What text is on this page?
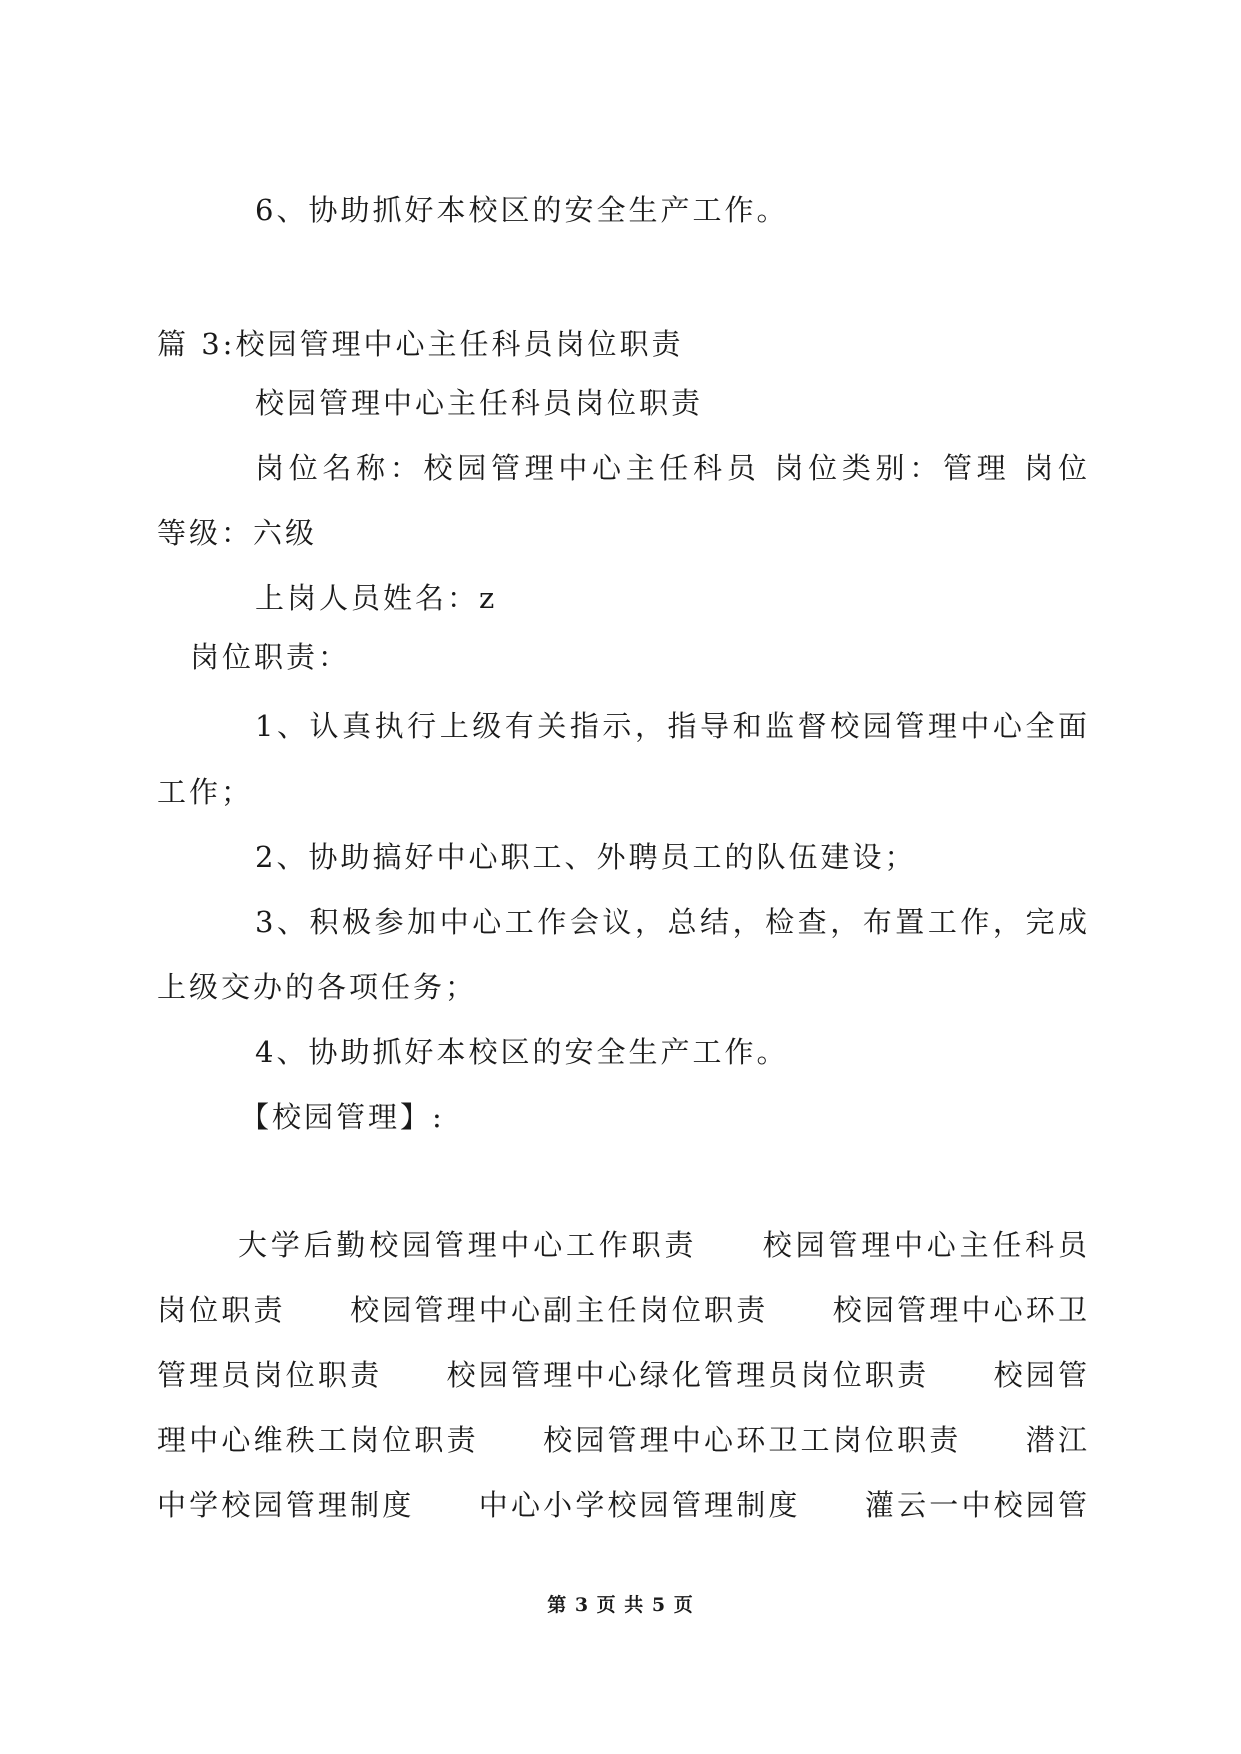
6、协助抓好本校区的安全生产工作。
篇 3:校园管理中心主任科员岗位职责
校园管理中心主任科员岗位职责
岗位名称：校园管理中心主任科员 岗位类别：管理 岗位
等级：六级
上岗人员姓名：z
岗位职责：
1、认真执行上级有关指示，指导和监督校园管理中心全面
工作；
2、协助搞好中心职工、外聘员工的队伍建设；
3、积极参加中心工作会议，总结，检查，布置工作，完成
上级交办的各项任务；
4、协助抓好本校区的安全生产工作。
【校园管理】:
大学后勤校园管理中心工作职责　　校园管理中心主任科员
岗位职责　　校园管理中心副主任岗位职责　　校园管理中心环卫
管理员岗位职责　　校园管理中心绿化管理员岗位职责　　校园管
理中心维秩工岗位职责　　校园管理中心环卫工岗位职责　　潜江
中学校园管理制度　　中心小学校园管理制度　　灌云一中校园管
第 3 页 共 5 页
